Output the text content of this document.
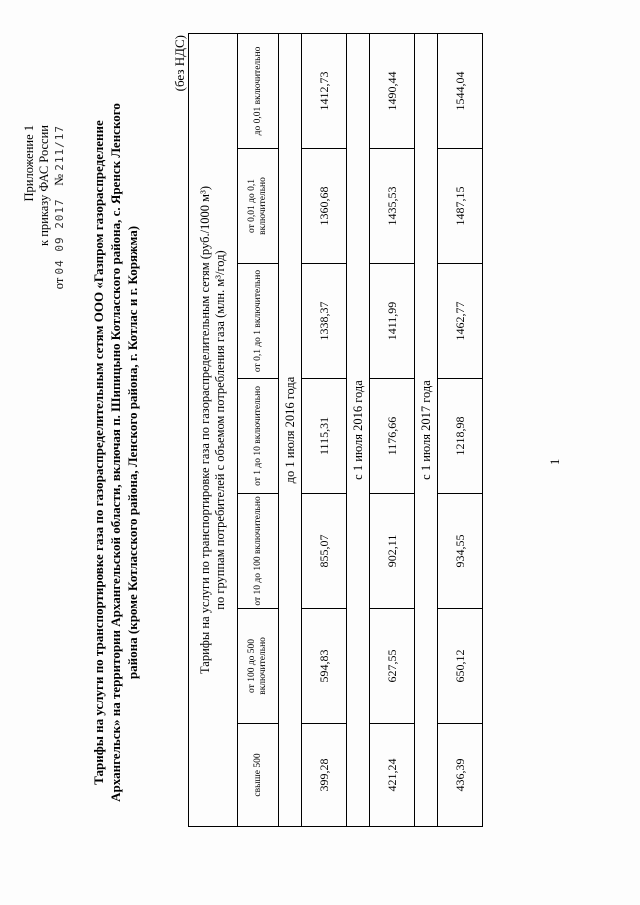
Приложение 1 к приказу ФАС России
от 04 09 2017    № 211/17 Тарифы на услуги по транспортировке газа по газораспределительным сетям ООО «Газпром газораспределение Архангельск» на территории Архангельской области, включая п. Шипицыно Котласского района, с. Яренск Ленского района (кроме Котласского района, Ленского района, г. Котлас и г. Коряжма)
(без НДС)
Тарифы на услуги по транспортировке газа по газораспределительным сетям (руб./1000 м³) по группам потребителей с объемом потребления газа (млн. м³/год)						

свыше 500	от 100 до 500 включительно	от 10 до 100 включительно	от 1 до 10 включительно	от 0,1 до 1 включительно	от 0,01 до 0,1 включительно	до 0,01 включительно
до 1 июля 2016 года						
399,28	594,83	855,07	1115,31	1338,37	1360,68	1412,73
с 1 июля 2016 года						
421,24	627,55	902,11	1176,66	1411,99	1435,53	1490,44
с 1 июля 2017 года						
436,39	650,12	934,55	1218,98	1462,77	1487,15	1544,04
1
